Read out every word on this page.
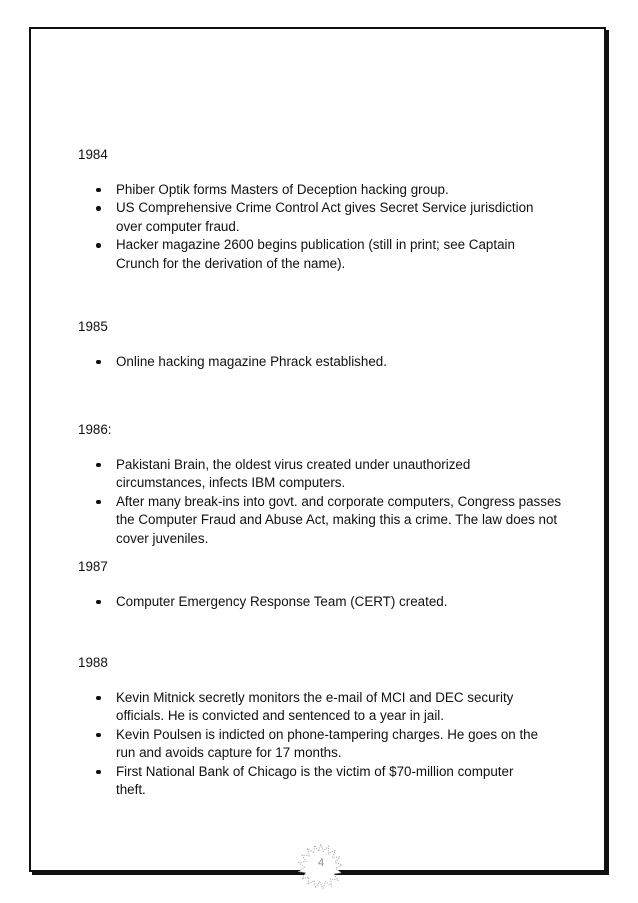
1984

Phiber Optik forms Masters of Deception hacking group.
US Comprehensive Crime Control Act gives Secret Service jurisdiction over computer fraud.
Hacker magazine 2600 begins publication (still in print; see Captain Crunch for the derivation of the name).

1985

Online hacking magazine Phrack established.

1986:

Pakistani Brain, the oldest virus created under unauthorized circumstances, infects IBM computers.
After many break-ins into govt. and corporate computers, Congress passes the Computer Fraud and Abuse Act, making this a crime. The law does not cover juveniles.

1987

Computer Emergency Response Team (CERT) created.

1988

Kevin Mitnick secretly monitors the e-mail of MCI and DEC security officials. He is convicted and sentenced to a year in jail.
Kevin Poulsen is indicted on phone-tampering charges. He goes on the run and avoids capture for 17 months.
First National Bank of Chicago is the victim of $70-million computer theft.
4
